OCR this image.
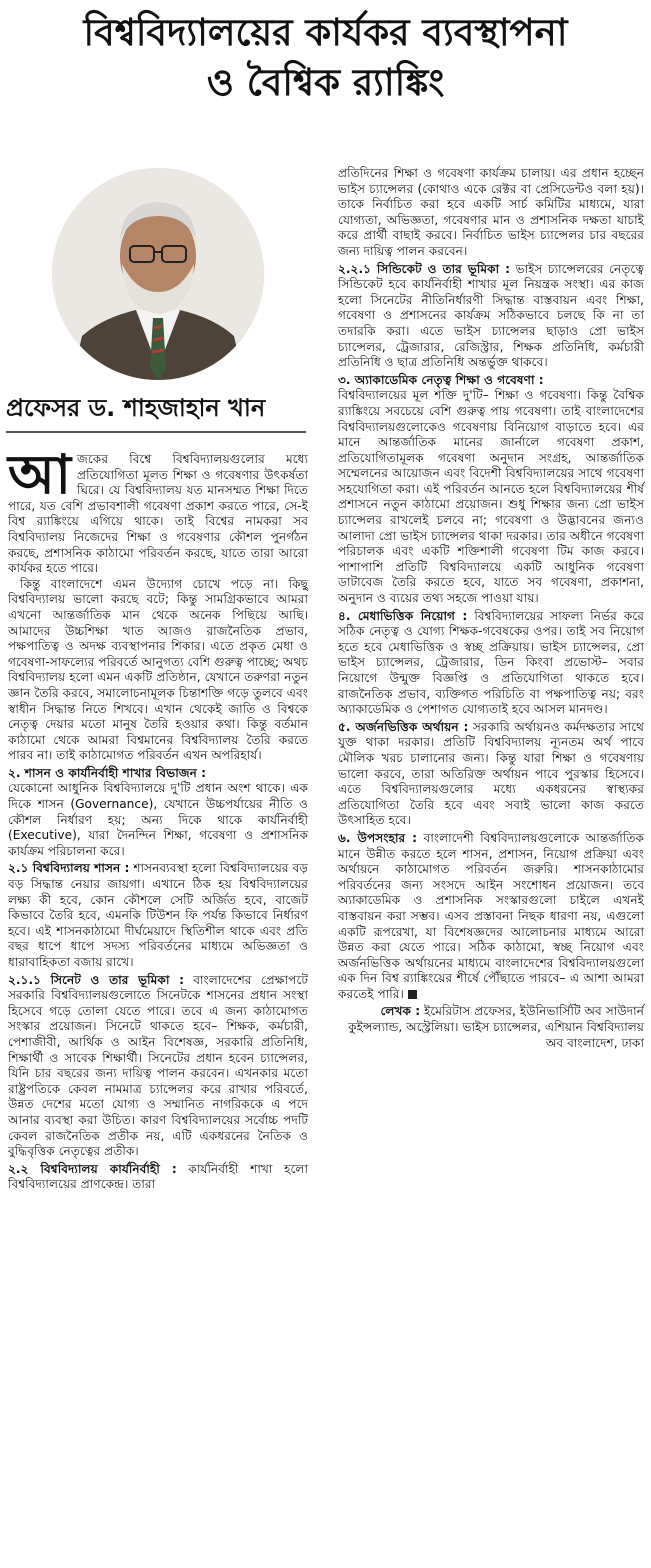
বিশ্ববিদ্যালয়ের কার্যকর ব্যবস্থাপনা
ও বৈশ্বিক র‍্যাঙ্কিং
প্রফেসর ড. শাহজাহান খান

আজকের বিশ্বে বিশ্ববিদ্যালয়গুলোর মধ্যে প্রতিযোগিতা মূলত শিক্ষা ও গবেষণার উৎকর্ষতা ঘিরে। যে বিশ্ববিদ্যালয় যত মানসম্মত শিক্ষা দিতে পারে, যত বেশি প্রভাবশালী গবেষণা প্রকাশ করতে পারে, সে-ই বিশ্ব র‍্যাঙ্কিংয়ে এগিয়ে থাকে। তাই বিশ্বের নামকরা সব বিশ্ববিদ্যালয় নিজেদের শিক্ষা ও গবেষণার কৌশল পুনর্গঠন করছে, প্রশাসনিক কাঠামো পরিবর্তন করছে, যাতে তারা আরো কার্যকর হতে পারে।

কিন্তু বাংলাদেশে এমন উদ্যোগ চোখে পড়ে না। কিছু বিশ্ববিদ্যালয় ভালো করছে বটে; কিন্তু সামগ্রিকভাবে আমরা এখনো আন্তর্জাতিক মান থেকে অনেক পিছিয়ে আছি। আমাদের উচ্চশিক্ষা খাত আজও রাজনৈতিক প্রভাব, পক্ষপাতিত্ব ও অদক্ষ ব্যবস্থাপনার শিকার। এতে প্রকৃত মেধা ও গবেষণা-সাফল্যের পরিবর্তে আনুগত্য বেশি গুরুত্ব পাচ্ছে; অথচ বিশ্ববিদ্যালয় হলো এমন একটি প্রতিষ্ঠান, যেখানে তরুণরা নতুন জ্ঞান তৈরি করবে, সমালোচনামূলক চিন্তাশক্তি গড়ে তুলবে এবং স্বাধীন সিদ্ধান্ত নিতে শিখবে। এখান থেকেই জাতি ও বিশ্বকে নেতৃত্ব দেয়ার মতো মানুষ তৈরি হওয়ার কথা। কিন্তু বর্তমান কাঠামো থেকে আমরা বিশ্বমানের বিশ্ববিদ্যালয় তৈরি করতে পারব না। তাই কাঠামোগত পরিবর্তন এখন অপরিহার্য।

২. শাসন ও কার্যনির্বাহী শাখার বিভাজন :

যেকোনো আধুনিক বিশ্ববিদ্যালয়ে দু'টি প্রধান অংশ থাকে। এক দিকে শাসন (Governance), যেখানে উচ্চপর্যায়ের নীতি ও কৌশল নির্ধারণ হয়; অন্য দিকে থাকে কার্যনির্বাহী (Executive), যারা দৈনন্দিন শিক্ষা, গবেষণা ও প্রশাসনিক কার্যক্রম পরিচালনা করে।

২.১ বিশ্ববিদ্যালয় শাসন : শাসনব্যবস্থা হলো বিশ্ববিদ্যালয়ের বড় বড় সিদ্ধান্ত নেয়ার জায়গা। এখানে ঠিক হয় বিশ্ববিদ্যালয়ের লক্ষ্য কী হবে, কোন কৌশলে সেটি অর্জিত হবে, বাজেট কিভাবে তৈরি হবে, এমনকি টিউশন ফি পর্যন্ত কিভাবে নির্ধারণ হবে। এই শাসনকাঠামো দীর্ঘমেয়াদে স্থিতিশীল থাকে এবং প্রতি বছর ধাপে ধাপে সদস্য পরিবর্তনের মাধ্যমে অভিজ্ঞতা ও ধারাবাহিকতা বজায় রাখে।

২.১.১ সিনেট ও তার ভূমিকা : বাংলাদেশের প্রেক্ষাপটে সরকারি বিশ্ববিদ্যালয়গুলোতে সিনেটকে শাসনের প্রধান সংস্থা হিসেবে গড়ে তোলা যেতে পারে। তবে এ জন্য কাঠামোগত সংস্কার প্রয়োজন। সিনেটে থাকতে হবে– শিক্ষক, কর্মচারী, পেশাজীবী, আর্থিক ও আইন বিশেষজ্ঞ, সরকারি প্রতিনিধি, শিক্ষার্থী ও সাবেক শিক্ষার্থী। সিনেটের প্রধান হবেন চ্যান্সেলর, যিনি চার বছরের জন্য দায়িত্ব পালন করবেন। এখনকার মতো রাষ্ট্রপতিকে কেবল নামমাত্র চ্যান্সেলর করে রাখার পরিবর্তে, উন্নত দেশের মতো যোগ্য ও সম্মানিত নাগরিককে এ পদে আনার ব্যবস্থা করা উচিত। কারণ বিশ্ববিদ্যালয়ের সর্বোচ্চ পদটি কেবল রাজনৈতিক প্রতীক নয়, এটি একধরনের নৈতিক ও বুদ্ধিবৃত্তিক নেতৃত্বের প্রতীক।

২.২ বিশ্ববিদ্যালয় কার্যনির্বাহী : কার্যনির্বাহী শাখা হলো বিশ্ববিদ্যালয়ের প্রাণকেন্দ্র। তারা

প্রতিদিনের শিক্ষা ও গবেষণা কার্যক্রম চালায়। এর প্রধান হচ্ছেন ভাইস চ্যান্সেলর (কোথাও একে রেক্টর বা প্রেসিডেন্টও বলা হয়)। তাকে নির্বাচিত করা হবে একটি সার্চ কমিটির মাধ্যমে, যারা যোগ্যতা, অভিজ্ঞতা, গবেষণার মান ও প্রশাসনিক দক্ষতা যাচাই করে প্রার্থী বাছাই করবে। নির্বাচিত ভাইস চ্যান্সেলর চার বছরের জন্য দায়িত্ব পালন করবেন।

২.২.১ সিন্ডিকেট ও তার ভূমিকা : ভাইস চ্যান্সেলরের নেতৃত্বে সিন্ডিকেট হবে কার্যনির্বাহী শাখার মূল নিয়ন্ত্রক সংস্থা। এর কাজ হলো সিনেটের নীতিনির্ধারণী সিদ্ধান্ত বাস্তবায়ন এবং শিক্ষা, গবেষণা ও প্রশাসনের কার্যক্রম সঠিকভাবে চলছে কি না তা তদারকি করা। এতে ভাইস চ্যান্সেলর ছাড়াও প্রো ভাইস চ্যান্সেলর, ট্রেজারার, রেজিস্ট্রার, শিক্ষক প্রতিনিধি, কর্মচারী প্রতিনিধি ও ছাত্র প্রতিনিধি অন্তর্ভুক্ত থাকবে।

৩. অ্যাকাডেমিক নেতৃত্ব শিক্ষা ও গবেষণা :

বিশ্ববিদ্যালয়ের মূল শক্তি দু'টি– শিক্ষা ও গবেষণা। কিন্তু বৈশ্বিক র‍্যাঙ্কিংয়ে সবচেয়ে বেশি গুরুত্ব পায় গবেষণা। তাই বাংলাদেশের বিশ্ববিদ্যালয়গুলোকেও গবেষণায় বিনিয়োগ বাড়াতে হবে। এর মানে আন্তর্জাতিক মানের জার্নালে গবেষণা প্রকাশ, প্রতিযোগিতামূলক গবেষণা অনুদান সংগ্রহ, আন্তর্জাতিক সম্মেলনের আয়োজন এবং বিদেশী বিশ্ববিদ্যালয়ের সাথে গবেষণা সহযোগিতা করা। এই পরিবর্তন আনতে হলে বিশ্ববিদ্যালয়ের শীর্ষ প্রশাসনে নতুন কাঠামো প্রয়োজন। শুধু শিক্ষার জন্য প্রো ভাইস চ্যান্সেলর রাখলেই চলবে না; গবেষণা ও উদ্ভাবনের জন্যও আলাদা প্রো ভাইস চ্যান্সেলর থাকা দরকার। তার অধীনে গবেষণা পরিচালক এবং একটি শক্তিশালী গবেষণা টিম কাজ করবে। পাশাপাশি প্রতিটি বিশ্ববিদ্যালয়ে একটি আধুনিক গবেষণা ডাটাবেজ তৈরি করতে হবে, যাতে সব গবেষণা, প্রকাশনা, অনুদান ও ব্যয়ের তথ্য সহজে পাওয়া যায়।

৪. মেধাভিত্তিক নিয়োগ : বিশ্ববিদ্যালয়ের সাফল্য নির্ভর করে সঠিক নেতৃত্ব ও যোগ্য শিক্ষক-গবেষকের ওপর। তাই সব নিয়োগ হতে হবে মেধাভিত্তিক ও স্বচ্ছ প্রক্রিয়ায়। ভাইস চ্যান্সেলর, প্রো ভাইস চ্যান্সেলর, ট্রেজারার, ডিন কিংবা প্রভোস্ট– সবার নিয়োগে উন্মুক্ত বিজ্ঞপ্তি ও প্রতিযোগিতা থাকতে হবে। রাজনৈতিক প্রভাব, ব্যক্তিগত পরিচিতি বা পক্ষপাতিত্ব নয়; বরং অ্যাকাডেমিক ও পেশাগত যোগ্যতাই হবে আসল মানদণ্ড।

৫. অর্জনভিত্তিক অর্থায়ন : সরকারি অর্থায়নও কর্মদক্ষতার সাথে যুক্ত থাকা দরকার। প্রতিটি বিশ্ববিদ্যালয় ন্যূনতম অর্থ পাবে মৌলিক খরচ চালানোর জন্য। কিন্তু যারা শিক্ষা ও গবেষণায় ভালো করবে, তারা অতিরিক্ত অর্থায়ন পাবে পুরস্কার হিসেবে। এতে বিশ্ববিদ্যালয়গুলোর মধ্যে একধরনের স্বাস্থ্যকর প্রতিযোগিতা তৈরি হবে এবং সবাই ভালো কাজ করতে উৎসাহিত হবে।

৬. উপসংহার : বাংলাদেশী বিশ্ববিদ্যালয়গুলোকে আন্তর্জাতিক মানে উন্নীত করতে হলে শাসন, প্রশাসন, নিয়োগ প্রক্রিয়া এবং অর্থায়নে কাঠামোগত পরিবর্তন জরুরি। শাসনকাঠামোর পরিবর্তনের জন্য সংসদে আইন সংশোধন প্রয়োজন। তবে অ্যাকাডেমিক ও প্রশাসনিক সংস্কারগুলো চাইলে এখনই বাস্তবায়ন করা সম্ভব। এসব প্রস্তাবনা নিছক ধারণা নয়, এগুলো একটি রূপরেখা, যা বিশেষজ্ঞদের আলোচনার মাধ্যমে আরো উন্নত করা যেতে পারে। সঠিক কাঠামো, স্বচ্ছ নিয়োগ এবং অর্জনভিত্তিক অর্থায়নের মাধ্যমে বাংলাদেশের বিশ্ববিদ্যালয়গুলো এক দিন বিশ্ব র‍্যাঙ্কিংয়ের শীর্ষে পৌঁছাতে পারবে– এ আশা আমরা করতেই পারি।

লেখক : ইমেরিটাস প্রফেসর, ইউনিভার্সিটি অব সাউদার্ন কুইন্সল্যান্ড, অস্ট্রেলিয়া। ভাইস চ্যান্সেলর, এশিয়ান বিশ্ববিদ্যালয় অব বাংলাদেশ, ঢাকা
